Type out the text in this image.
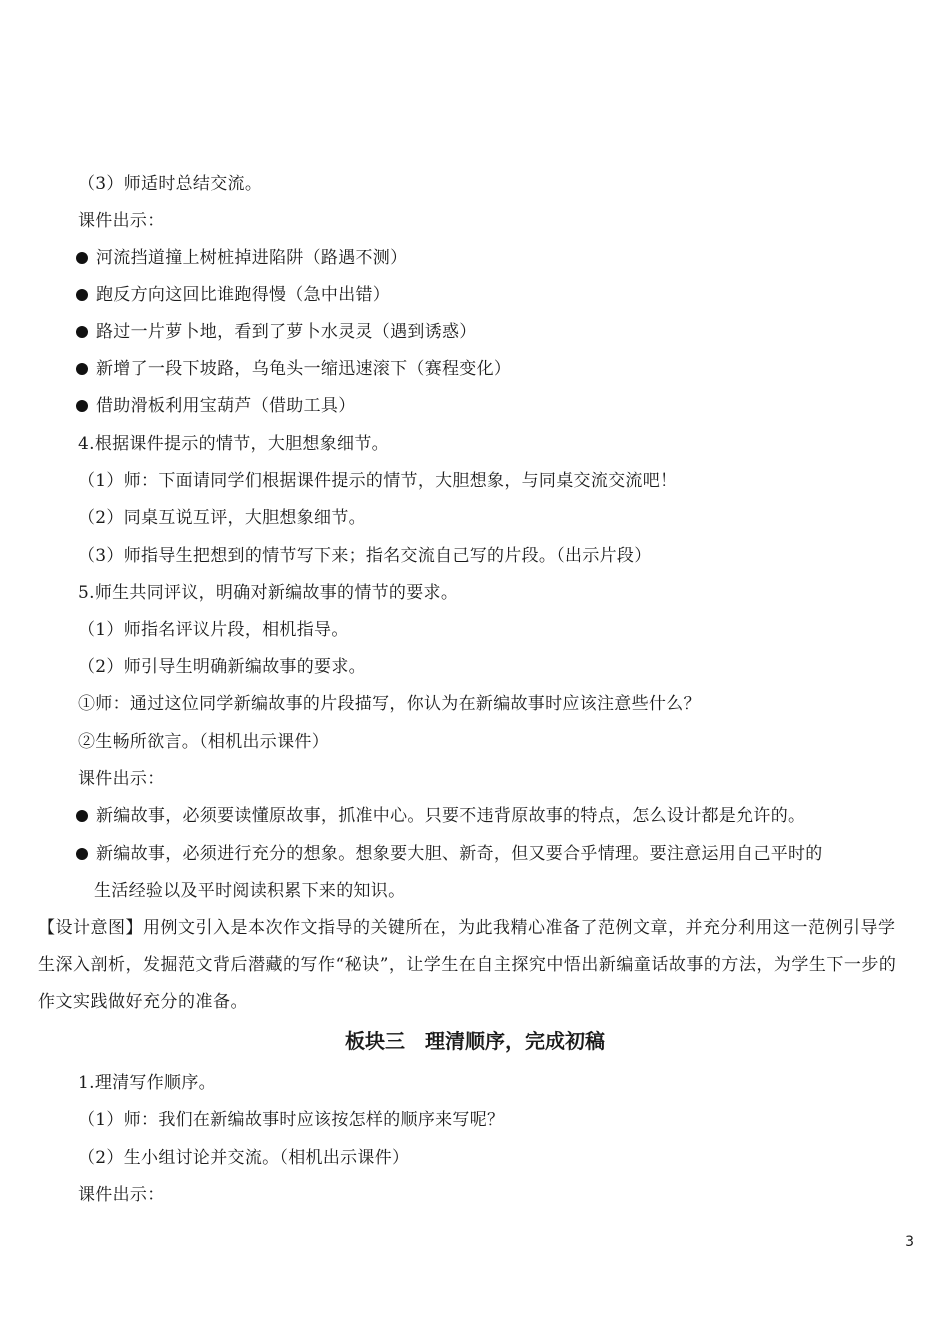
（3）师适时总结交流。
课件出示：
河流挡道撞上树桩掉进陷阱（路遇不测）
跑反方向这回比谁跑得慢（急中出错）
路过一片萝卜地，看到了萝卜水灵灵（遇到诱惑）
新增了一段下坡路，乌龟头一缩迅速滚下（赛程变化）
借助滑板利用宝葫芦（借助工具）
4.根据课件提示的情节，大胆想象细节。
（1）师：下面请同学们根据课件提示的情节，大胆想象，与同桌交流交流吧！
（2）同桌互说互评，大胆想象细节。
（3）师指导生把想到的情节写下来；指名交流自己写的片段。（出示片段）
5.师生共同评议，明确对新编故事的情节的要求。
（1）师指名评议片段，相机指导。
（2）师引导生明确新编故事的要求。
①师：通过这位同学新编故事的片段描写，你认为在新编故事时应该注意些什么？
②生畅所欲言。（相机出示课件）
课件出示：
新编故事，必须要读懂原故事，抓准中心。只要不违背原故事的特点，怎么设计都是允许的。
新编故事，必须进行充分的想象。想象要大胆、新奇，但又要合乎情理。要注意运用自己平时的
生活经验以及平时阅读积累下来的知识。
【设计意图】用例文引入是本次作文指导的关键所在，为此我精心准备了范例文章，并充分利用这一范例引导学生深入剖析，发掘范文背后潜藏的写作“秘诀”，让学生在自主探究中悟出新编童话故事的方法，为学生下一步的作文实践做好充分的准备。
板块三　理清顺序，完成初稿
1.理清写作顺序。
（1）师：我们在新编故事时应该按怎样的顺序来写呢？
（2）生小组讨论并交流。（相机出示课件）
课件出示：
3
